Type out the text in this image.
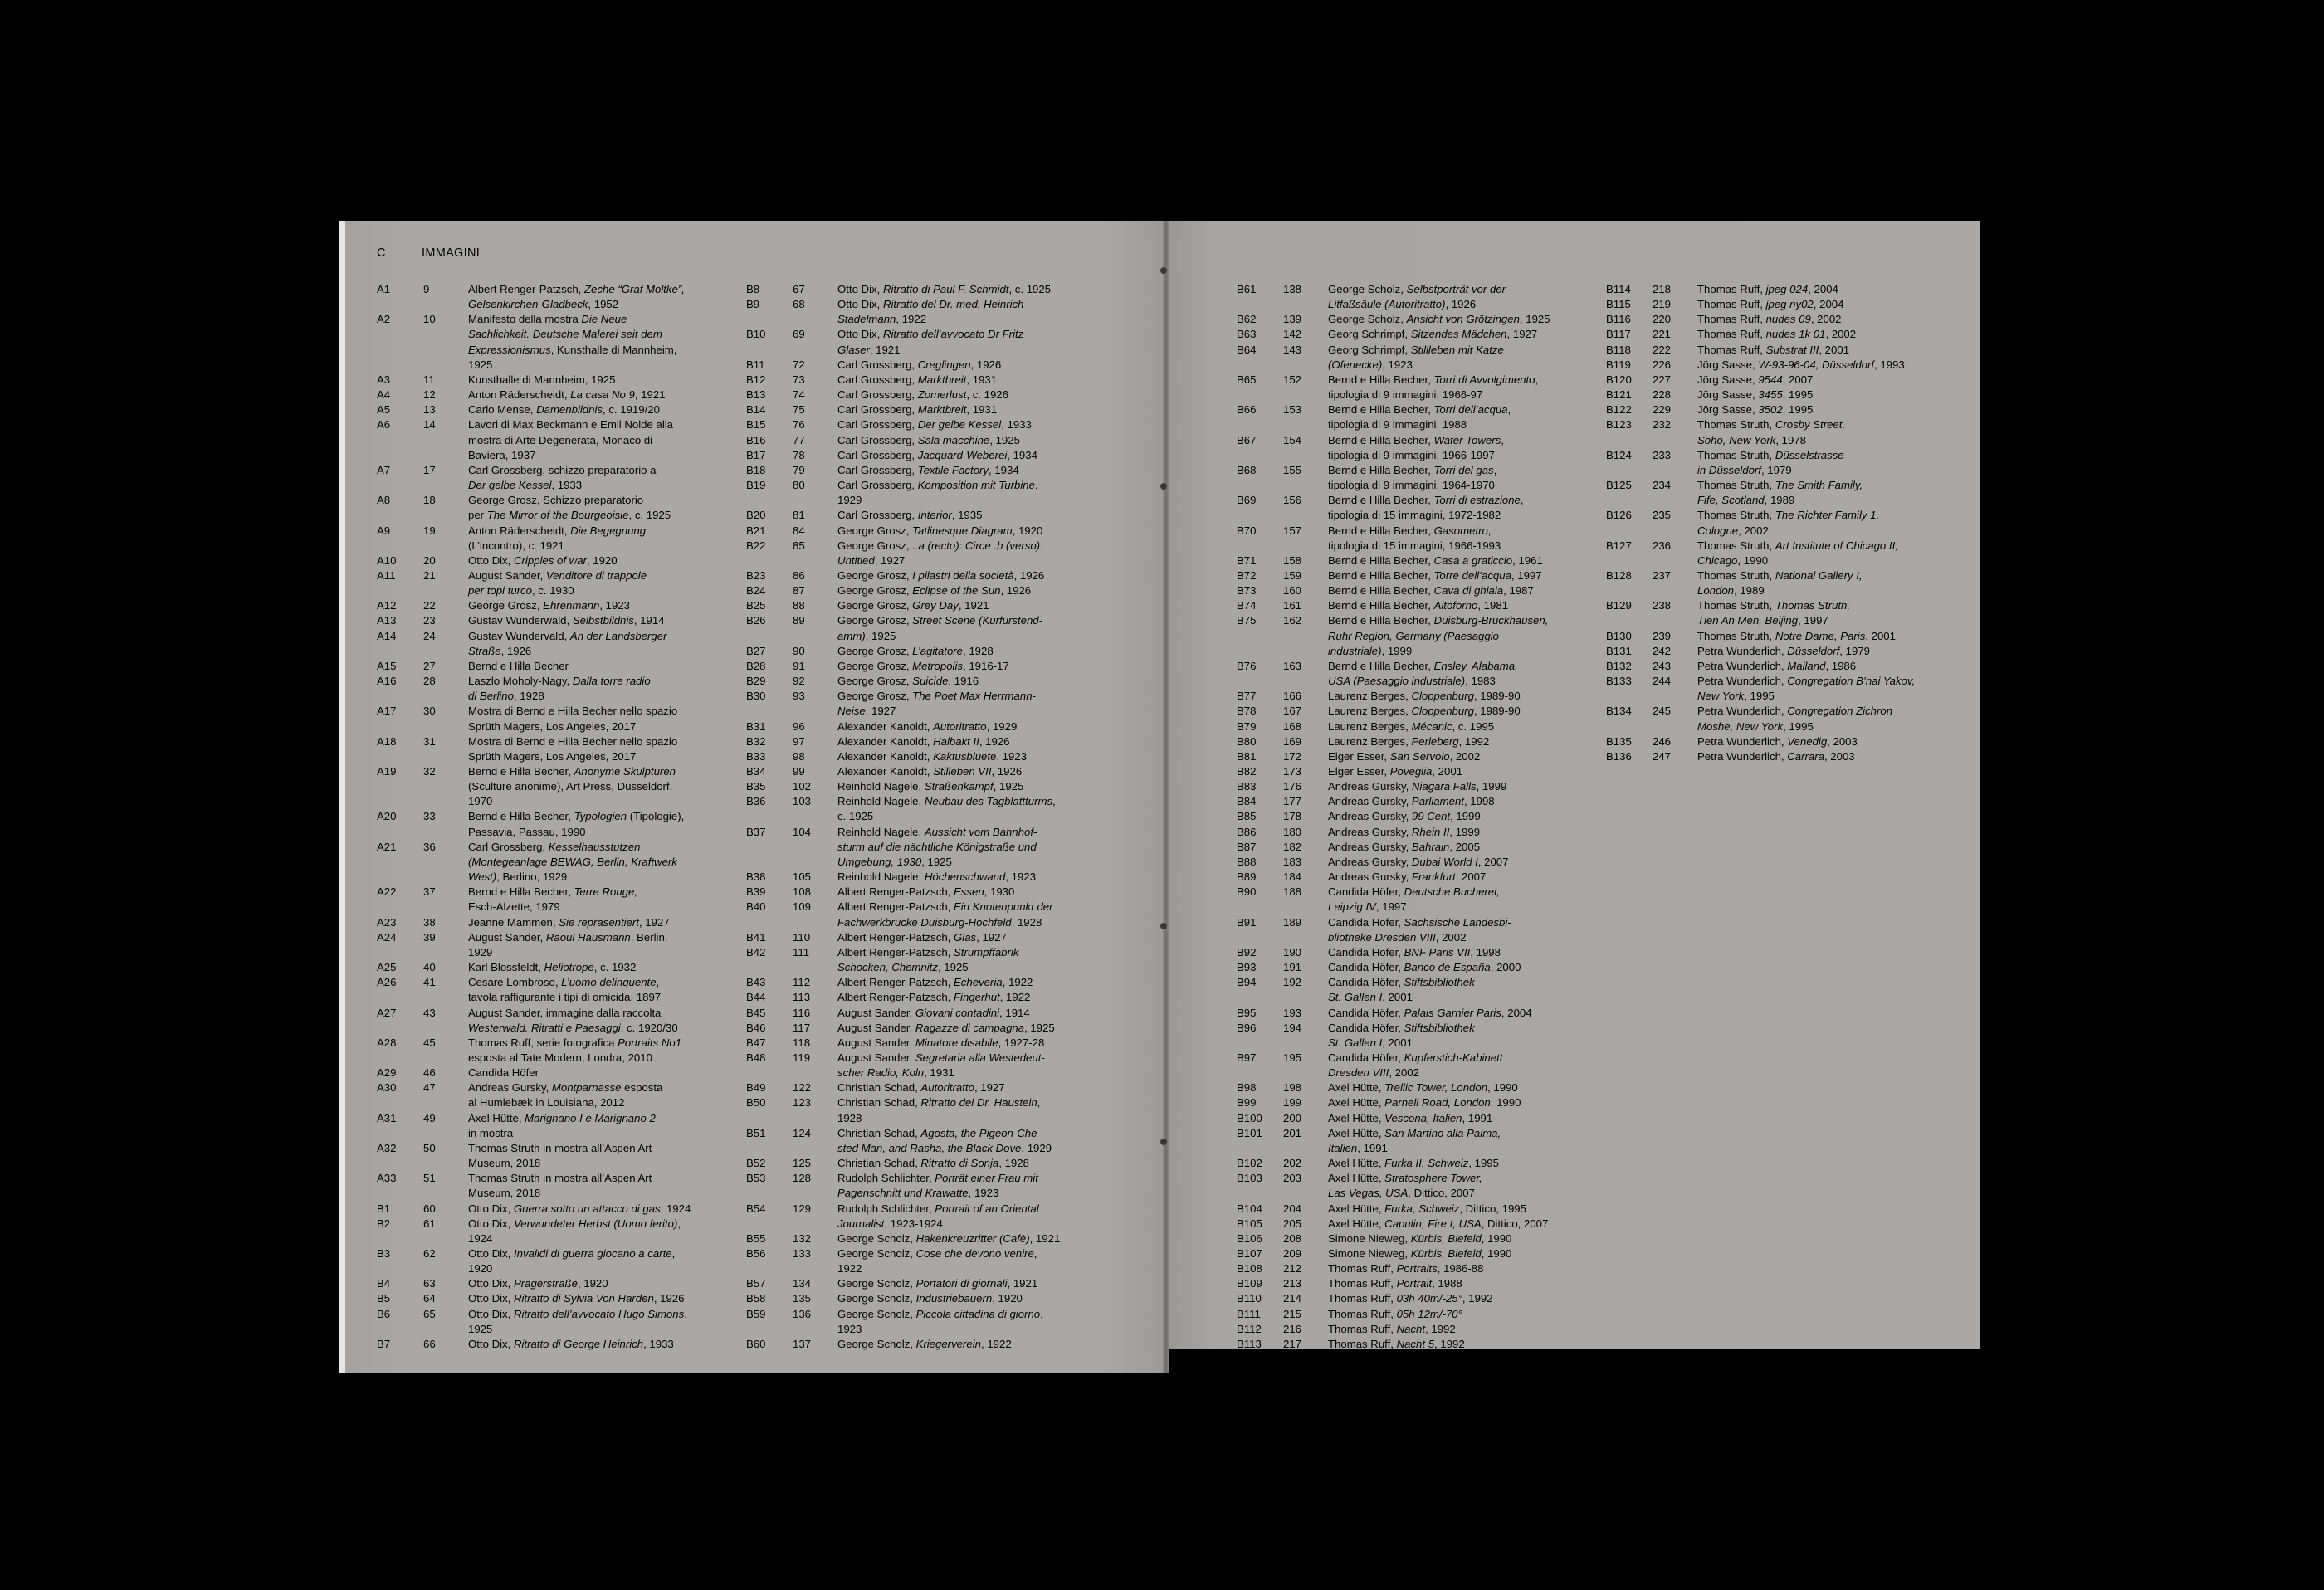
C	IMMAGINI
A1	9	Albert Renger-Patzsch, Zeche “Graf Moltke”,
Gelsenkirchen-Gladbeck, 1952
A2	10	Manifesto della mostra Die Neue
Sachlichkeit. Deutsche Malerei seit dem
Expressionismus, Kunsthalle di Mannheim,
1925
A3	11	Kunsthalle di Mannheim, 1925
A4	12	Anton Räderscheidt, La casa No 9, 1921
A5	13	Carlo Mense, Damenbildnis, c. 1919/20
A6	14	Lavori di Max Beckmann e Emil Nolde alla
mostra di Arte Degenerata, Monaco di
Baviera, 1937
A7	17	Carl Grossberg, schizzo preparatorio a
Der gelbe Kessel, 1933
A8	18	George Grosz, Schizzo preparatorio
per The Mirror of the Bourgeoisie, c. 1925
A9	19	Anton Räderscheidt, Die Begegnung
(L’incontro), c. 1921
A10	20	Otto Dix, Cripples of war, 1920
A11	21	August Sander, Venditore di trappole
per topi turco, c. 1930
A12	22	George Grosz, Ehrenmann, 1923
A13	23	Gustav Wunderwald, Selbstbildnis, 1914
A14	24	Gustav Wundervald, An der Landsberger
Straße, 1926
A15	27	Bernd e Hilla Becher
A16	28	Laszlo Moholy-Nagy, Dalla torre radio
di Berlino, 1928
A17	30	Mostra di Bernd e Hilla Becher nello spazio
Sprüth Magers, Los Angeles, 2017
A18	31	Mostra di Bernd e Hilla Becher nello spazio
Sprüth Magers, Los Angeles, 2017
A19	32	Bernd e Hilla Becher, Anonyme Skulpturen
(Sculture anonime), Art Press, Düsseldorf,
1970
A20	33	Bernd e Hilla Becher, Typologien (Tipologie),
Passavia, Passau, 1990
A21	36	Carl Grossberg, Kesselhausstutzen
(Montegeanlage BEWAG, Berlin, Kraftwerk
West), Berlino, 1929
A22	37	Bernd e Hilla Becher, Terre Rouge,
Esch-Alzette, 1979
A23	38	Jeanne Mammen, Sie repräsentiert, 1927
A24	39	August Sander, Raoul Hausmann, Berlin,
1929
A25	40	Karl Blossfeldt, Heliotrope, c. 1932
A26	41	Cesare Lombroso, L’uomo delinquente,
tavola raffigurante i tipi di omicida, 1897
A27	43	August Sander, immagine dalla raccolta
Westerwald. Ritratti e Paesaggi, c. 1920/30
A28	45	Thomas Ruff, serie fotografica Portraits No1
esposta al Tate Modern, Londra, 2010
A29	46	Candida Höfer
A30	47	Andreas Gursky, Montparnasse esposta
al Humlebæk in Louisiana, 2012
A31	49	Axel Hütte, Marignano I e Marignano 2
in mostra
A32	50	Thomas Struth in mostra all’Aspen Art
Museum, 2018
A33	51	Thomas Struth in mostra all’Aspen Art
Museum, 2018
B1	60	Otto Dix, Guerra sotto un attacco di gas, 1924
B2	61	Otto Dix, Verwundeter Herbst (Uomo ferito),
1924
B3	62	Otto Dix, Invalidi di guerra giocano a carte,
1920
B4	63	Otto Dix, Pragerstraße, 1920
B5	64	Otto Dix, Ritratto di Sylvia Von Harden, 1926
B6	65	Otto Dix, Ritratto dell’avvocato Hugo Simons,
1925
B7	66	Otto Dix, Ritratto di George Heinrich, 1933
B8	67	Otto Dix, Ritratto di Paul F. Schmidt, c. 1925
B9	68	Otto Dix, Ritratto del Dr. med. Heinrich
Stadelmann, 1922
B10	69	Otto Dix, Ritratto dell’avvocato Dr Fritz
Glaser, 1921
B11	72	Carl Grossberg, Creglingen, 1926
B12	73	Carl Grossberg, Marktbreit, 1931
B13	74	Carl Grossberg, Zomerlust, c. 1926
B14	75	Carl Grossberg, Marktbreit, 1931
B15	76	Carl Grossberg, Der gelbe Kessel, 1933
B16	77	Carl Grossberg, Sala macchine, 1925
B17	78	Carl Grossberg, Jacquard-Weberei, 1934
B18	79	Carl Grossberg, Textile Factory, 1934
B19	80	Carl Grossberg, Komposition mit Turbine,
1929
B20	81	Carl Grossberg, Interior, 1935
B21	84	George Grosz, Tatlinesque Diagram, 1920
B22	85	George Grosz, ..a (recto): Circe .b (verso):
Untitled, 1927
B23	86	George Grosz, I pilastri della società, 1926
B24	87	George Grosz, Eclipse of the Sun, 1926
B25	88	George Grosz, Grey Day, 1921
B26	89	George Grosz, Street Scene (Kurfürstend-
amm), 1925
B27	90	George Grosz, L’agitatore, 1928
B28	91	George Grosz, Metropolis, 1916-17
B29	92	George Grosz, Suicide, 1916
B30	93	George Grosz, The Poet Max Herrmann-
Neise, 1927
B31	96	Alexander Kanoldt, Autoritratto, 1929
B32	97	Alexander Kanoldt, Halbakt II, 1926
B33	98	Alexander Kanoldt, Kaktusbluete, 1923
B34	99	Alexander Kanoldt, Stilleben VII, 1926
B35	102	Reinhold Nagele, Straßenkampf, 1925
B36	103	Reinhold Nagele, Neubau des Tagblattturms,
c. 1925
B37	104	Reinhold Nagele, Aussicht vom Bahnhof-
sturm auf die nächtliche Königstraße und
Umgebung, 1930, 1925
B38	105	Reinhold Nagele, Höchenschwand, 1923
B39	108	Albert Renger-Patzsch, Essen, 1930
B40	109	Albert Renger-Patzsch, Ein Knotenpunkt der
Fachwerkbrücke Duisburg-Hochfeld, 1928
B41	110	Albert Renger-Patzsch, Glas, 1927
B42	111	Albert Renger-Patzsch, Strumpffabrik
Schocken, Chemnitz, 1925
B43	112	Albert Renger-Patzsch, Echeveria, 1922
B44	113	Albert Renger-Patzsch, Fingerhut, 1922
B45	116	August Sander, Giovani contadini, 1914
B46	117	August Sander, Ragazze di campagna, 1925
B47	118	August Sander, Minatore disabile, 1927-28
B48	119	August Sander, Segretaria alla Westedeut-
scher Radio, Koln, 1931
B49	122	Christian Schad, Autoritratto, 1927
B50	123	Christian Schad, Ritratto del Dr. Haustein,
1928
B51	124	Christian Schad, Agosta, the Pigeon-Che-
sted Man, and Rasha, the Black Dove, 1929
B52	125	Christian Schad, Ritratto di Sonja, 1928
B53	128	Rudolph Schlichter, Porträt einer Frau mit
Pagenschnitt und Krawatte, 1923
B54	129	Rudolph Schlichter, Portrait of an Oriental
Journalist, 1923-1924
B55	132	George Scholz, Hakenkreuzritter (Cafè), 1921
B56	133	George Scholz, Cose che devono venire,
1922
B57	134	George Scholz, Portatori di giornali, 1921
B58	135	George Scholz, Industriebauern, 1920
B59	136	George Scholz, Piccola cittadina di giorno,
1923
B60	137	George Scholz, Kriegerverein, 1922
B61	138	George Scholz, Selbstporträt vor der
Litfaßsäule (Autoritratto), 1926
B62	139	George Scholz, Ansicht von Grötzingen, 1925
B63	142	Georg Schrimpf, Sitzendes Mädchen, 1927
B64	143	Georg Schrimpf, Stillleben mit Katze
(Ofenecke), 1923
B65	152	Bernd e Hilla Becher, Torri di Avvolgimento,
tipologia di 9 immagini, 1966-97
B66	153	Bernd e Hilla Becher, Torri dell’acqua,
tipologia di 9 immagini, 1988
B67	154	Bernd e Hilla Becher, Water Towers,
tipologia di 9 immagini, 1966-1997
B68	155	Bernd e Hilla Becher, Torri del gas,
tipologia di 9 immagini, 1964-1970
B69	156	Bernd e Hilla Becher, Torri di estrazione,
tipologia di 15 immagini, 1972-1982
B70	157	Bernd e Hilla Becher, Gasometro,
tipologia di 15 immagini, 1966-1993
B71	158	Bernd e Hilla Becher, Casa a graticcio, 1961
B72	159	Bernd e Hilla Becher, Torre dell’acqua, 1997
B73	160	Bernd e Hilla Becher, Cava di ghiaia, 1987
B74	161	Bernd e Hilla Becher, Altoforno, 1981
B75	162	Bernd e Hilla Becher, Duisburg-Bruckhausen,
Ruhr Region, Germany (Paesaggio
industriale), 1999
B76	163	Bernd e Hilla Becher, Ensley, Alabama,
USA (Paesaggio industriale), 1983
B77	166	Laurenz Berges, Cloppenburg, 1989-90
B78	167	Laurenz Berges, Cloppenburg, 1989-90
B79	168	Laurenz Berges, Mécanic, c. 1995
B80	169	Laurenz Berges, Perleberg, 1992
B81	172	Elger Esser, San Servolo, 2002
B82	173	Elger Esser, Poveglia, 2001
B83	176	Andreas Gursky, Niagara Falls, 1999
B84	177	Andreas Gursky, Parliament, 1998
B85	178	Andreas Gursky, 99 Cent, 1999
B86	180	Andreas Gursky, Rhein II, 1999
B87	182	Andreas Gursky, Bahrain, 2005
B88	183	Andreas Gursky, Dubai World I, 2007
B89	184	Andreas Gursky, Frankfurt, 2007
B90	188	Candida Höfer, Deutsche Bucherei,
Leipzig IV, 1997
B91	189	Candida Höfer, Sächsische Landesbi-
bliotheke Dresden VIII, 2002
B92	190	Candida Höfer, BNF Paris VII, 1998
B93	191	Candida Höfer, Banco de España, 2000
B94	192	Candida Höfer, Stiftsbibliothek
St. Gallen I, 2001
B95	193	Candida Höfer, Palais Garnier Paris, 2004
B96	194	Candida Höfer, Stiftsbibliothek
St. Gallen I, 2001
B97	195	Candida Höfer, Kupferstich-Kabinett
Dresden VIII, 2002
B98	198	Axel Hütte, Trellic Tower, London, 1990
B99	199	Axel Hütte, Parnell Road, London, 1990
B100	200	Axel Hütte, Vescona, Italien, 1991
B101	201	Axel Hütte, San Martino alla Palma,
Italien, 1991
B102	202	Axel Hütte, Furka II, Schweiz, 1995
B103	203	Axel Hütte, Stratosphere Tower,
Las Vegas, USA, Dittico, 2007
B104	204	Axel Hütte, Furka, Schweiz, Dittico, 1995
B105	205	Axel Hütte, Capulin, Fire I, USA, Dittico, 2007
B106	208	Simone Nieweg, Kürbis, Biefeld, 1990
B107	209	Simone Nieweg, Kürbis, Biefeld, 1990
B108	212	Thomas Ruff, Portraits, 1986-88
B109	213	Thomas Ruff, Portrait, 1988
B110	214	Thomas Ruff, 03h 40m/-25°, 1992
B111	215	Thomas Ruff, 05h 12m/-70°
B112	216	Thomas Ruff, Nacht, 1992
B113	217	Thomas Ruff, Nacht 5, 1992
B114	218	Thomas Ruff, jpeg 024, 2004
B115	219	Thomas Ruff, jpeg ny02, 2004
B116	220	Thomas Ruff, nudes 09, 2002
B117	221	Thomas Ruff, nudes 1k 01, 2002
B118	222	Thomas Ruff, Substrat III, 2001
B119	226	Jörg Sasse, W-93-96-04, Düsseldorf, 1993
B120	227	Jörg Sasse, 9544, 2007
B121	228	Jörg Sasse, 3455, 1995
B122	229	Jörg Sasse, 3502, 1995
B123	232	Thomas Struth, Crosby Street,
Soho, New York, 1978
B124	233	Thomas Struth, Düsselstrasse
in Düsseldorf, 1979
B125	234	Thomas Struth, The Smith Family,
Fife, Scotland, 1989
B126	235	Thomas Struth, The Richter Family 1,
Cologne, 2002
B127	236	Thomas Struth, Art Institute of Chicago II,
Chicago, 1990
B128	237	Thomas Struth, National Gallery I,
London, 1989
B129	238	Thomas Struth, Thomas Struth,
Tien An Men, Beijing, 1997
B130	239	Thomas Struth, Notre Dame, Paris, 2001
B131	242	Petra Wunderlich, Düsseldorf, 1979
B132	243	Petra Wunderlich, Mailand, 1986
B133	244	Petra Wunderlich, Congregation B’nai Yakov,
New York, 1995
B134	245	Petra Wunderlich, Congregation Zichron
Moshe, New York, 1995
B135	246	Petra Wunderlich, Venedig, 2003
B136	247	Petra Wunderlich, Carrara, 2003
